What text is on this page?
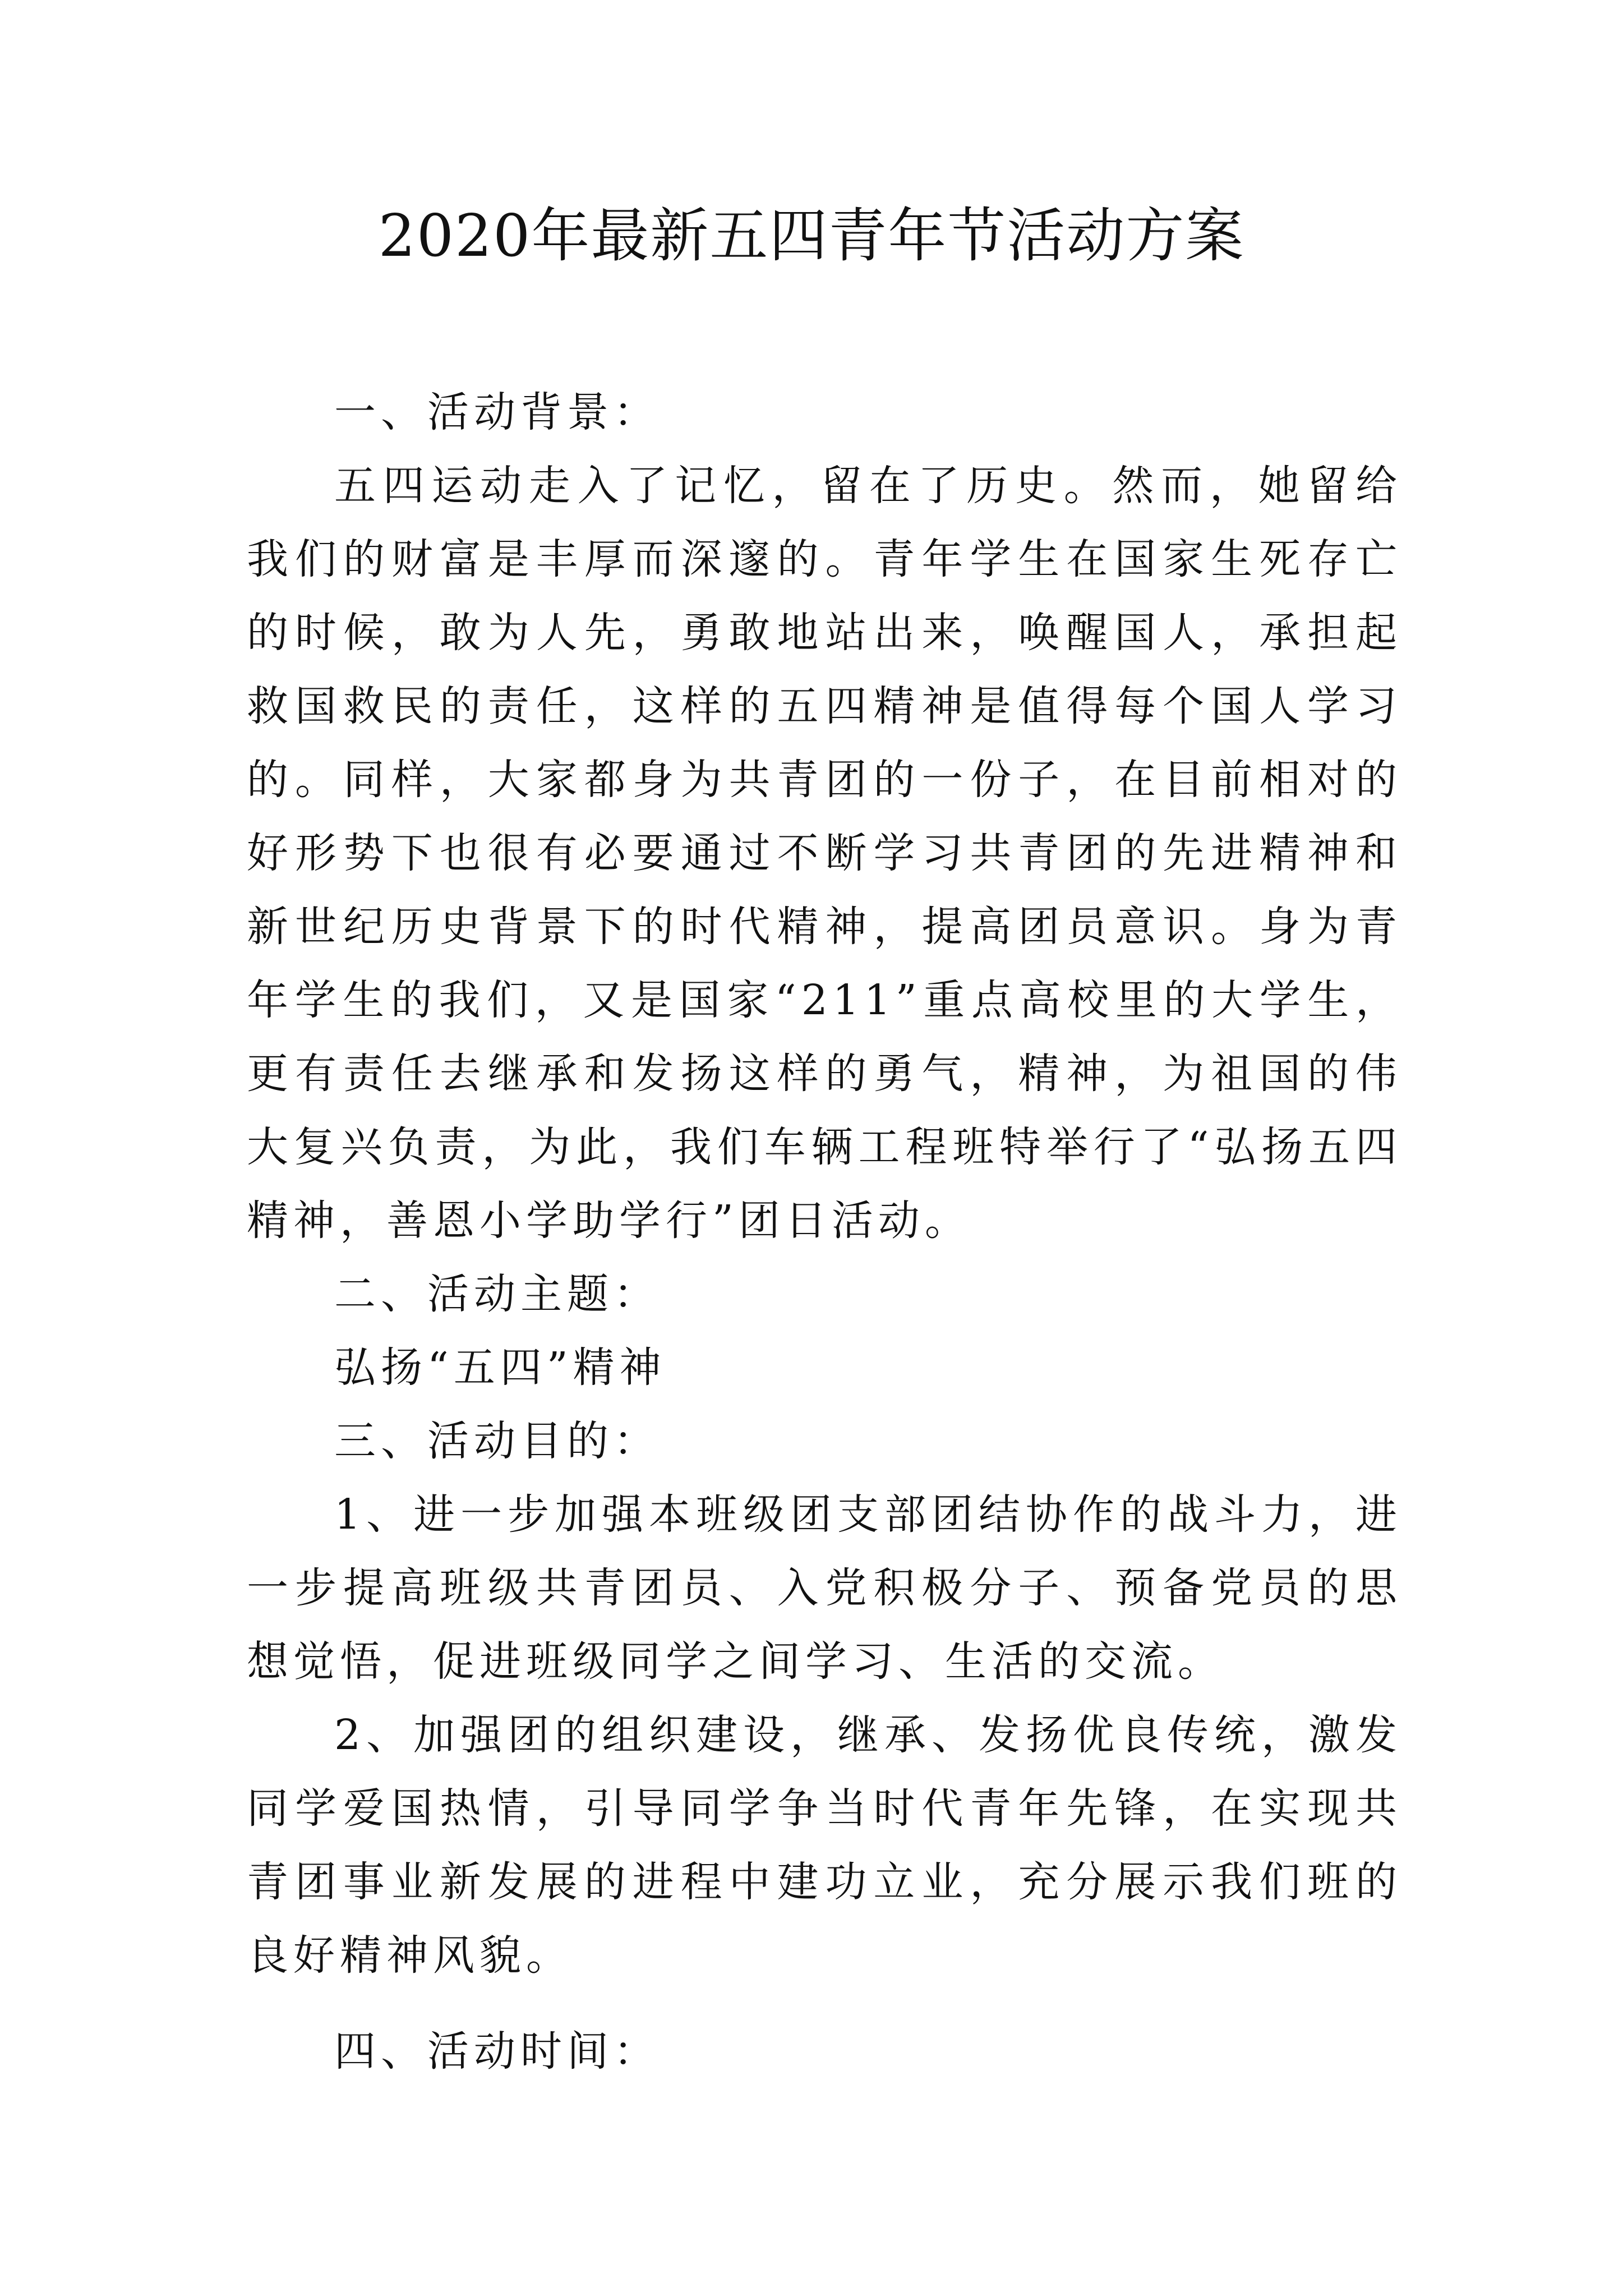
2020年最新五四青年节活动方案

一、活动背景：

五四运动走入了记忆，留在了历史。然而，她留给我们的财富是丰厚而深邃的。青年学生在国家生死存亡的时候，敢为人先，勇敢地站出来，唤醒国人，承担起救国救民的责任，这样的五四精神是值得每个国人学习的。同样，大家都身为共青团的一份子，在目前相对的好形势下也很有必要通过不断学习共青团的先进精神和新世纪历史背景下的时代精神，提高团员意识。身为青年学生的我们，又是国家“211”重点高校里的大学生，更有责任去继承和发扬这样的勇气，精神，为祖国的伟大复兴负责，为此，我们车辆工程班特举行了“弘扬五四精神，善恩小学助学行”团日活动。

二、活动主题：

弘扬“五四”精神

三、活动目的：

1、进一步加强本班级团支部团结协作的战斗力，进一步提高班级共青团员、入党积极分子、预备党员的思想觉悟，促进班级同学之间学习、生活的交流。

2、加强团的组织建设，继承、发扬优良传统，激发同学爱国热情，引导同学争当时代青年先锋，在实现共青团事业新发展的进程中建功立业，充分展示我们班的良好精神风貌。

四、活动时间：
